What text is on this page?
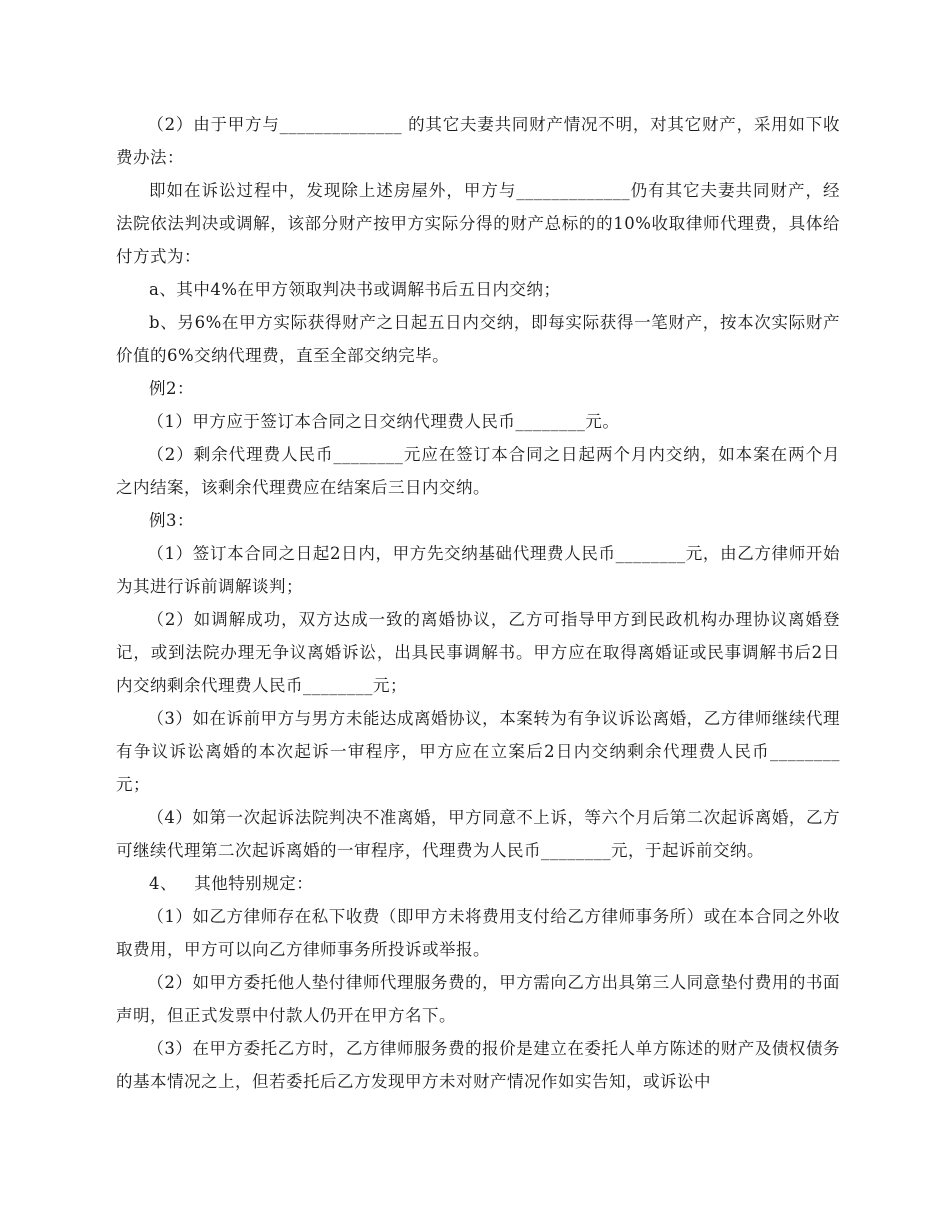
（2）由于甲方与______________ 的其它夫妻共同财产情况不明，对其它财产，采用如下收费办法：

即如在诉讼过程中，发现除上述房屋外，甲方与_____________仍有其它夫妻共同财产，经法院依法判决或调解，该部分财产按甲方实际分得的财产总标的的10%收取律师代理费，具体给付方式为：

a、其中4%在甲方领取判决书或调解书后五日内交纳；

b、另6%在甲方实际获得财产之日起五日内交纳，即每实际获得一笔财产，按本次实际财产价值的6%交纳代理费，直至全部交纳完毕。

例2：

（1）甲方应于签订本合同之日交纳代理费人民币________元。

（2）剩余代理费人民币________元应在签订本合同之日起两个月内交纳，如本案在两个月之内结案，该剩余代理费应在结案后三日内交纳。

例3：

（1）签订本合同之日起2日内，甲方先交纳基础代理费人民币________元，由乙方律师开始为其进行诉前调解谈判；

（2）如调解成功，双方达成一致的离婚协议，乙方可指导甲方到民政机构办理协议离婚登记，或到法院办理无争议离婚诉讼，出具民事调解书。甲方应在取得离婚证或民事调解书后2日内交纳剩余代理费人民币________元；

（3）如在诉前甲方与男方未能达成离婚协议，本案转为有争议诉讼离婚，乙方律师继续代理有争议诉讼离婚的本次起诉一审程序，甲方应在立案后2日内交纳剩余代理费人民币________元；

（4）如第一次起诉法院判决不准离婚，甲方同意不上诉，等六个月后第二次起诉离婚，乙方可继续代理第二次起诉离婚的一审程序，代理费为人民币________元，于起诉前交纳。

4、   其他特别规定：

（1）如乙方律师存在私下收费（即甲方未将费用支付给乙方律师事务所）或在本合同之外收取费用，甲方可以向乙方律师事务所投诉或举报。

（2）如甲方委托他人垫付律师代理服务费的，甲方需向乙方出具第三人同意垫付费用的书面声明，但正式发票中付款人仍开在甲方名下。

（3）在甲方委托乙方时，乙方律师服务费的报价是建立在委托人单方陈述的财产及债权债务的基本情况之上，但若委托后乙方发现甲方未对财产情况作如实告知，或诉讼中
